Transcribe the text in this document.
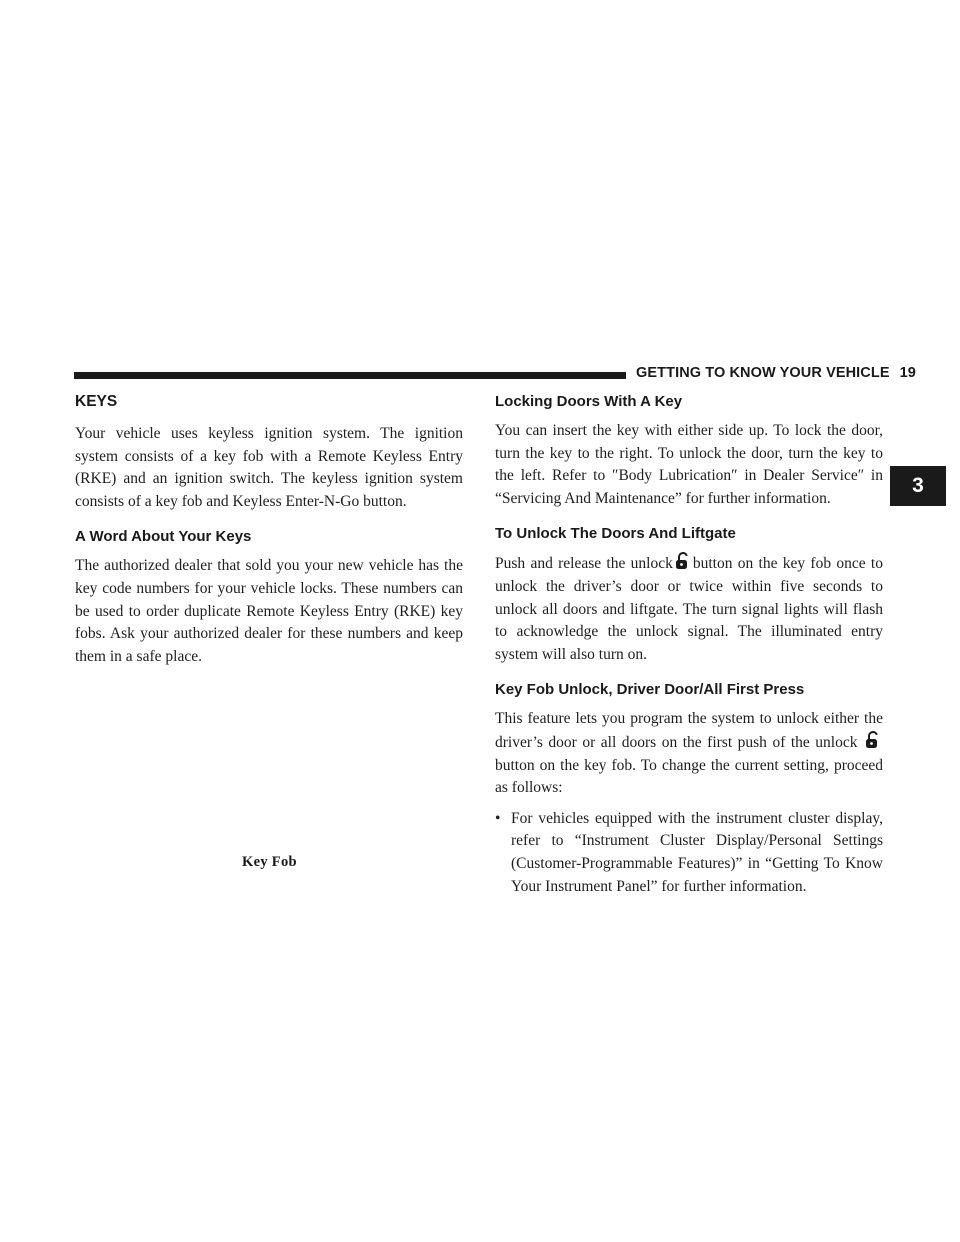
GETTING TO KNOW YOUR VEHICLE 19
3
KEYS

Your vehicle uses keyless ignition system. The ignition system consists of a key fob with a Remote Keyless Entry (RKE) and an ignition switch. The keyless ignition system consists of a key fob and Keyless Enter-N-Go button.

A Word About Your Keys

The authorized dealer that sold you your new vehicle has the key code numbers for your vehicle locks. These numbers can be used to order duplicate Remote Keyless Entry (RKE) key fobs. Ask your authorized dealer for these numbers and keep them in a safe place.

Key Fob
Locking Doors With A Key

You can insert the key with either side up. To lock the door, turn the key to the right. To unlock the door, turn the key to the left. Refer to ″Body Lubrication″ in Dealer Service″ in “Servicing And Maintenance” for further information.

To Unlock The Doors And Liftgate

Push and release the unlock button on the key fob once to unlock the driver’s door or twice within five seconds to unlock all doors and liftgate. The turn signal lights will flash to acknowledge the unlock signal. The illuminated entry system will also turn on.

Key Fob Unlock, Driver Door/All First Press

This feature lets you program the system to unlock either the driver’s door or all doors on the first push of the unlock button on the key fob. To change the current setting, proceed as follows:

• For vehicles equipped with the instrument cluster display, refer to “Instrument Cluster Display/Personal Settings (Customer-Programmable Features)” in “Getting To Know Your Instrument Panel” for further information.
